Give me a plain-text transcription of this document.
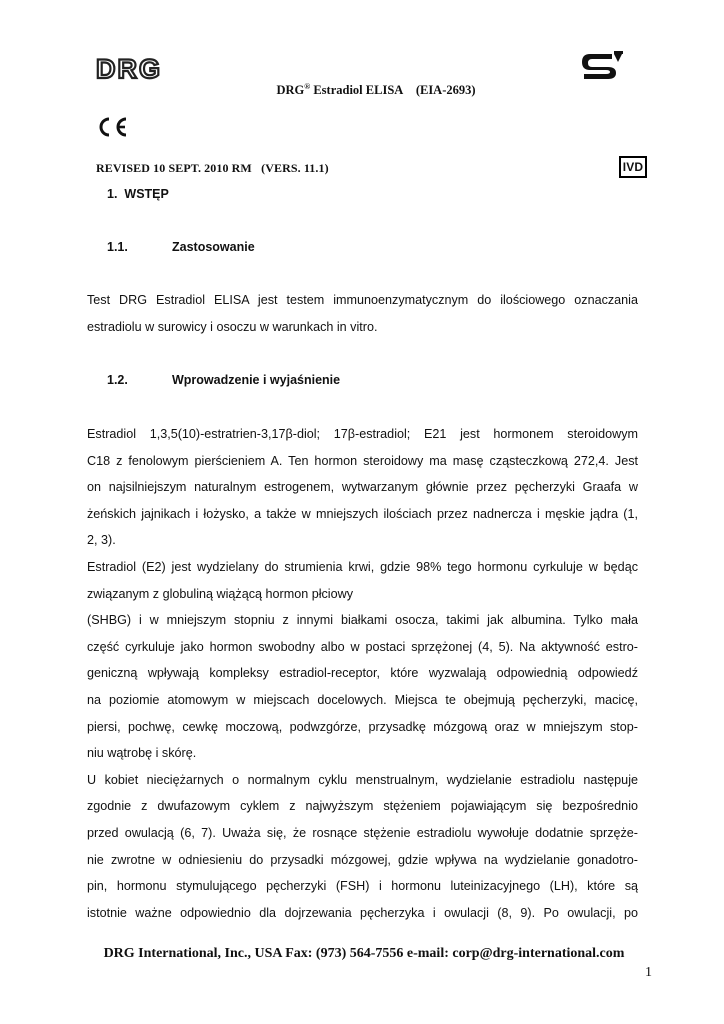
DRG
DRG® Estradiol ELISA (EIA-2693)
REVISED 10 SEPT. 2010 RM   (VERS. 11.1)	IVD
1. WSTĘP
1.1.	Zastosowanie
Test DRG Estradiol ELISA jest testem immunoenzymatycznym do ilościowego oznaczania
estradiolu w surowicy i osoczu w warunkach in vitro.
1.2.	Wprowadzenie i wyjaśnienie
Estradiol 1,3,5(10)-estratrien-3,17β-diol; 17β-estradiol; E21 jest hormonem steroidowym
C18 z fenolowym pierścieniem A. Ten hormon steroidowy ma masę cząsteczkową 272,4. Jest
on najsilniejszym naturalnym estrogenem, wytwarzanym głównie przez pęcherzyki Graafa w
żeńskich jajnikach i łożysko, a także w mniejszych ilościach przez nadnercza i męskie jądra (1,
2, 3).
Estradiol (E2) jest wydzielany do strumienia krwi, gdzie 98% tego hormonu cyrkuluje w będąc
związanym z globuliną wiążącą hormon płciowy
(SHBG) i w mniejszym stopniu z innymi białkami osocza, takimi jak albumina. Tylko mała
część cyrkuluje jako hormon swobodny albo w postaci sprzężonej (4, 5). Na aktywność estro-
geniczną wpływają kompleksy estradiol-receptor, które wyzwalają odpowiednią odpowiedź
na poziomie atomowym w miejscach docelowych. Miejsca te obejmują pęcherzyki, macicę,
piersi, pochwę, cewkę moczową, podwzgórze, przysadkę mózgową oraz w mniejszym stop-
niu wątrobę i skórę.
U kobiet nieciężarnych o normalnym cyklu menstrualnym, wydzielanie estradiolu następuje
zgodnie z dwufazowym cyklem z najwyższym stężeniem pojawiającym się bezpośrednio
przed owulacją (6, 7). Uważa się, że rosnące stężenie estradiolu wywołuje dodatnie sprzęże-
nie zwrotne w odniesieniu do przysadki mózgowej, gdzie wpływa na wydzielanie gonadotro-
pin, hormonu stymulującego pęcherzyki (FSH) i hormonu luteinizacyjnego (LH), które są
istotnie ważne odpowiednio dla dojrzewania pęcherzyka i owulacji (8, 9). Po owulacji, po
DRG International, Inc., USA Fax: (973) 564-7556 e-mail: corp@drg-international.com
1
